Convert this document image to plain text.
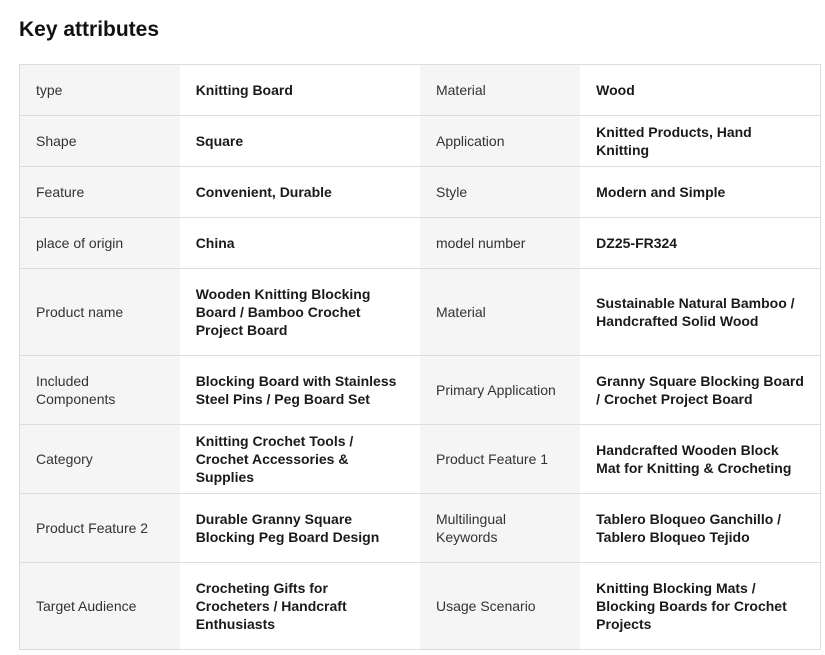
Key attributes
type	Knitting Board	Material	Wood
Shape	Square	Application	Knitted Products, Hand Knitting
Feature	Convenient, Durable	Style	Modern and Simple
place of origin	China	model number	DZ25-FR324
Product name	Wooden Knitting Blocking Board / Bamboo Crochet Project Board	Material	Sustainable Natural Bamboo / Handcrafted Solid Wood
Included Components	Blocking Board with Stainless Steel Pins / Peg Board Set	Primary Application	Granny Square Blocking Board / Crochet Project Board
Category	Knitting Crochet Tools / Crochet Accessories & Supplies	Product Feature 1	Handcrafted Wooden Block Mat for Knitting & Crocheting
Product Feature 2	Durable Granny Square Blocking Peg Board Design	Multilingual Keywords	Tablero Bloqueo Ganchillo / Tablero Bloqueo Tejido
Target Audience	Crocheting Gifts for Crocheters / Handcraft Enthusiasts	Usage Scenario	Knitting Blocking Mats / Blocking Boards for Crochet Projects
